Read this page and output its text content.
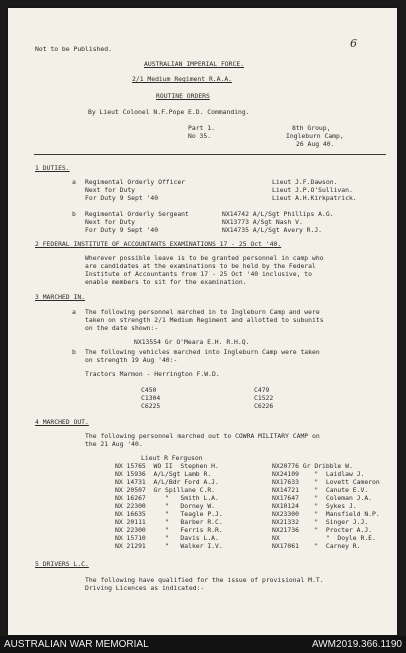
Not to be Published.	6
AUSTRALIAN IMPERIAL FORCE.
2/1 Medium Regiment R.A.A.
ROUTINE ORDERS
By Lieut Colonel N.F.Pope E.D. Commanding.
Part 1.
No 35.
8th Group,
Ingleburn Camp,
26 Aug 40.
1 DUTIES.
a Regimental Orderly Officer
Next for Duty
For Duty 9 Sept '40
Lieut J.F.Dawson.
Lieut J.P.O'Sullivan.
Lieut A.H.Kirkpatrick.
b Regimental Orderly Sergeant
Next for Duty
For Duty 9 Sept '40
NX14742 A/L/Sgt Phillips A.G.
NX13773 A/Sgt Nash V.
NX14735 A/L/Sgt Avery R.J.
2 FEDERAL INSTITUTE OF ACCOUNTANTS EXAMINATIONS 17 - 25 Oct '40.
Wherever possible leave is to be granted personnel in camp who
are candidates at the examinations to be held by the Federal
Institute of Accountants from 17 - 25 Oct '40 inclusive, to
enable members to sit for the examination.
3 MARCHED IN.
a The following personnel marched in to Ingleburn Camp and were
taken on strength 2/1 Medium Regiment and allotted to subunits
on the date shown:-
NX13554 Gr O'Meara E.H. R.H.Q.
b The following vehicles marched into Ingleburn Camp were taken
on strength 19 Aug '40:-
Tractors Marmon - Herrington F.W.D.
C450
C1304
C6225
C479
C1522
C6226
4 MARCHED OUT.
The following personnel marched out to COWRA MILITARY CAMP on
the 21 Aug '40.
Lieut R Ferguson
NX 15765  WO II  Stephen H.
NX 15936  A/L/Sgt Lamb R.
NX 14731  A/L/Bdr Ford A.J.
NX 20507  Gr Spillane C.R.
NX 16267     "   Smith L.A.
NX 22300     "   Dorney W.
NX 16635     "   Teagle P.J.
NX 20111     "   Barber R.C.
NX 22300     "   Ferris R.R.
NX 15710     "   Davis L.A.
NX 21291     "   Walker I.V.
NX20776 Gr Dribble W.
NX24109    "  Laidlaw J.
NX17633    "  Lovett Cameron
NX14721    "  Canute E.V.
NX17647    "  Coleman J.A.
NX10124    "  Sykes J.
NX23300    "  Mansfield N.P.
NX21332    "  Singer J.J.
NX21736    "  Procter A.J.
NX            "  Doyle R.E.
NX17061    "  Carney R.
5 DRIVERS L.C.
The following have qualified for the issue of provisional M.T.
Driving Licences as indicated:-
AUSTRALIAN WAR MEMORIAL	AWM2019.366.1190
